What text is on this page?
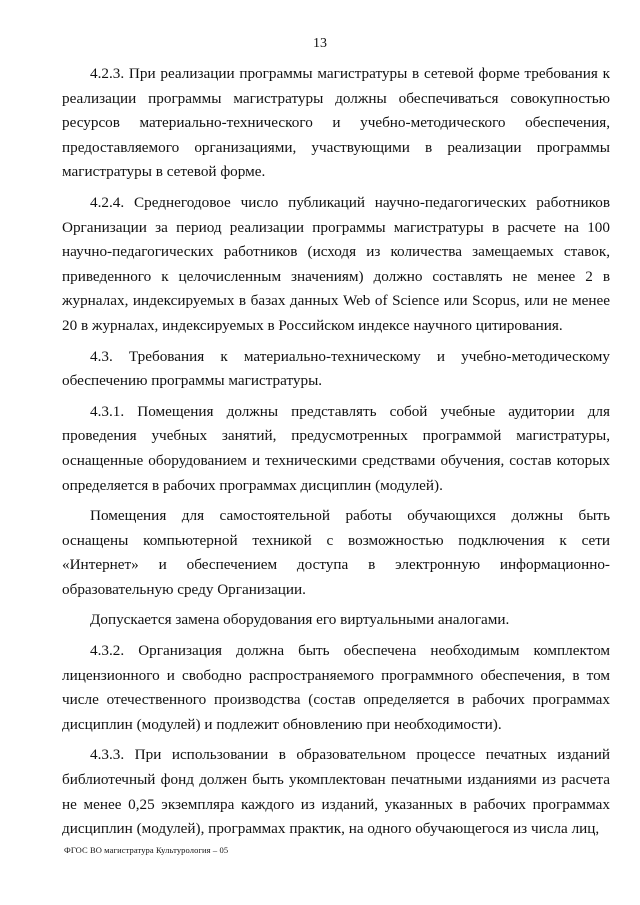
13

4.2.3. При реализации программы магистратуры в сетевой форме требования к реализации программы магистратуры должны обеспечиваться совокупностью ресурсов материально-технического и учебно-методического обеспечения, предоставляемого организациями, участвующими в реализации программы магистратуры в сетевой форме.

4.2.4. Среднегодовое число публикаций научно-педагогических работников Организации за период реализации программы магистратуры в расчете на 100 научно-педагогических работников (исходя из количества замещаемых ставок, приведенного к целочисленным значениям) должно составлять не менее 2 в журналах, индексируемых в базах данных Web of Science или Scopus, или не менее 20 в журналах, индексируемых в Российском индексе научного цитирования.

4.3. Требования к материально-техническому и учебно-методическому обеспечению программы магистратуры.

4.3.1. Помещения должны представлять собой учебные аудитории для проведения учебных занятий, предусмотренных программой магистратуры, оснащенные оборудованием и техническими средствами обучения, состав которых определяется в рабочих программах дисциплин (модулей).

Помещения для самостоятельной работы обучающихся должны быть оснащены компьютерной техникой с возможностью подключения к сети «Интернет» и обеспечением доступа в электронную информационно-образовательную среду Организации.

Допускается замена оборудования его виртуальными аналогами.

4.3.2. Организация должна быть обеспечена необходимым комплектом лицензионного и свободно распространяемого программного обеспечения, в том числе отечественного производства (состав определяется в рабочих программах дисциплин (модулей) и подлежит обновлению при необходимости).

4.3.3. При использовании в образовательном процессе печатных изданий библиотечный фонд должен быть укомплектован печатными изданиями из расчета не менее 0,25 экземпляра каждого из изданий, указанных в рабочих программах дисциплин (модулей), программах практик, на одного обучающегося из числа лиц,

ФГОС ВО магистратура Культурология – 05
